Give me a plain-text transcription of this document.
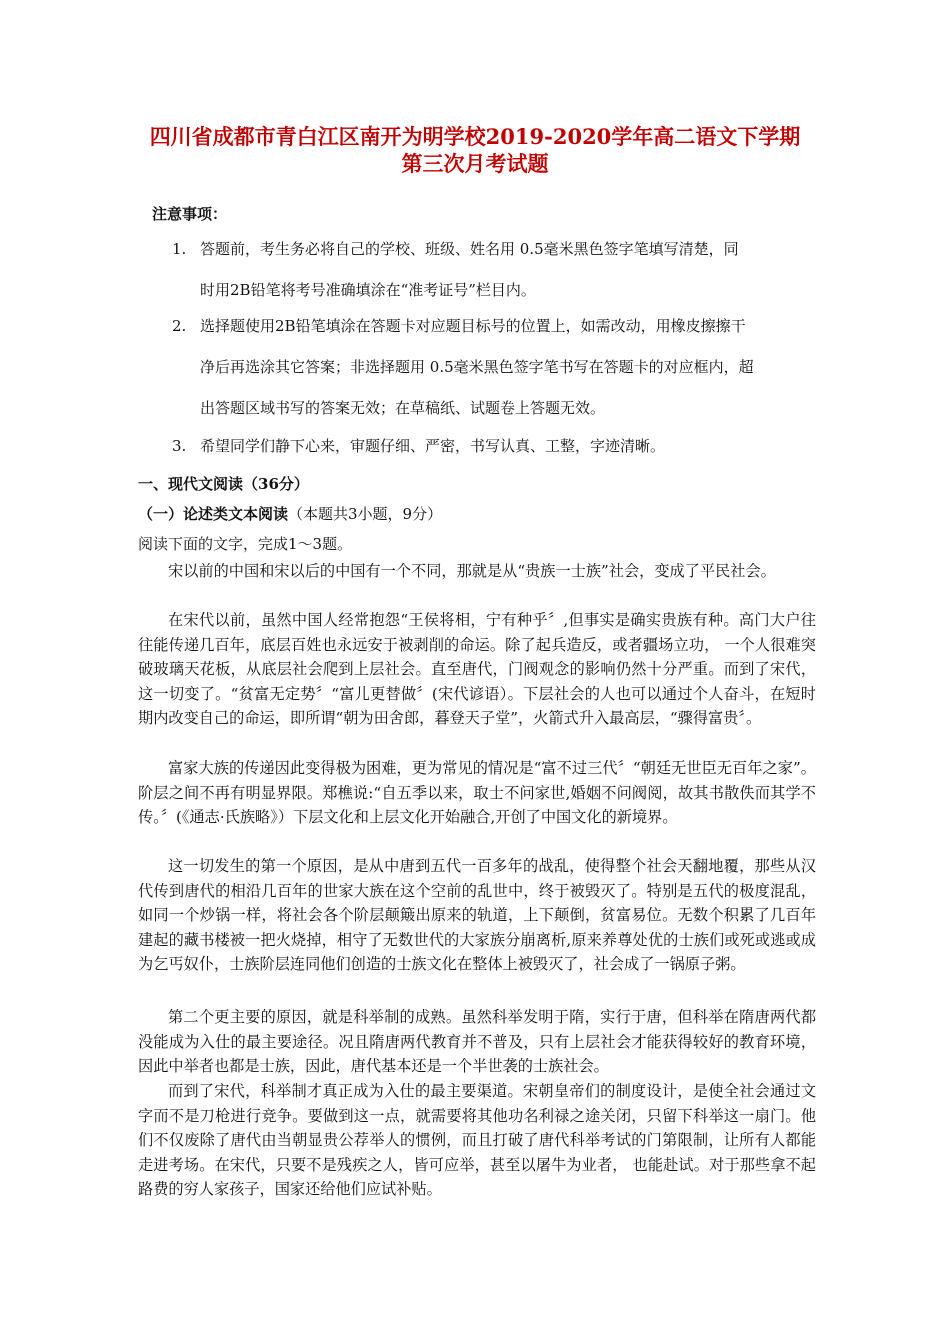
四川省成都市青白江区南开为明学校2019-2020学年高二语文下学期
第三次月考试题
注意事项：
1. 答题前，考生务必将自己的学校、班级、姓名用 0.5毫米黑色签字笔填写清楚，同
时用2B铅笔将考号准确填涂在“准考证号”栏目内。
2. 选择题使用2B铅笔填涂在答题卡对应题目标号的位置上，如需改动，用橡皮擦擦干
净后再选涂其它答案；非选择题用 0.5毫米黑色签字笔书写在答题卡的对应框内，超
出答题区域书写的答案无效；在草稿纸、试题卷上答题无效。
3. 希望同学们静下心来，审题仔细、严密，书写认真、工整，字迹清晰。
一、现代文阅读（36分）
（一）论述类文本阅读（本题共3小题，9分）
阅读下面的文字，完成1～3题。

宋以前的中国和宋以后的中国有一个不同，那就是从“贵族一士族”社会，变成了平民社会。

在宋代以前，虽然中国人经常抱怨“王侯将相，宁有种乎〞,但事实是确实贵族有种。高门大户往往能传递几百年，底层百姓也永远安于被剥削的命运。除了起兵造反，或者疆场立功， 一个人很难突破玻璃天花板，从底层社会爬到上层社会。直至唐代，门阀观念的影响仍然十分严重。而到了宋代，这一切变了。“贫富无定势〞“富儿更替做〞(宋代谚语）。下层社会的人也可以通过个人奋斗，在短时期内改变自己的命运，即所谓“朝为田舍郎，暮登天子堂”，火箭式升入最高层，“骤得富贵〞。

富家大族的传递因此变得极为困难，更为常见的情况是“富不过三代〞“朝廷无世臣无百年之家”。阶层之间不再有明显界限。郑樵说:“自五季以来，取士不问家世,婚姻不问阀阅，故其书散佚而其学不传。〞(《通志·氏族略》）下层文化和上层文化开始融合,开创了中国文化的新境界。

这一切发生的第一个原因，是从中唐到五代一百多年的战乱，使得整个社会天翻地覆，那些从汉代传到唐代的相沿几百年的世家大族在这个空前的乱世中，终于被毁灭了。特别是五代的极度混乱，如同一个炒锅一样，将社会各个阶层颠簸出原来的轨道，上下颠倒，贫富易位。无数个积累了几百年建起的藏书楼被一把火烧掉，相守了无数世代的大家族分崩离析,原来养尊处优的士族们或死或逃或成为乞丐奴仆，士族阶层连同他们创造的士族文化在整体上被毁灭了，社会成了一锅原子粥。

第二个更主要的原因，就是科举制的成熟。虽然科举发明于隋，实行于唐，但科举在隋唐两代都没能成为入仕的最主要途径。况且隋唐两代教育并不普及，只有上层社会才能获得较好的教育环境，因此中举者也都是士族，因此，唐代基本还是一个半世袭的士族社会。

而到了宋代，科举制才真正成为入仕的最主要渠道。宋朝皇帝们的制度设计，是使全社会通过文字而不是刀枪进行竞争。要做到这一点，就需要将其他功名利禄之途关闭，只留下科举这一扇门。他们不仅废除了唐代由当朝显贵公荐举人的惯例，而且打破了唐代科举考试的门第限制，让所有人都能走进考场。在宋代，只要不是残疾之人，皆可应举，甚至以屠牛为业者， 也能赴试。对于那些拿不起路费的穷人家孩子，国家还给他们应试补贴。
